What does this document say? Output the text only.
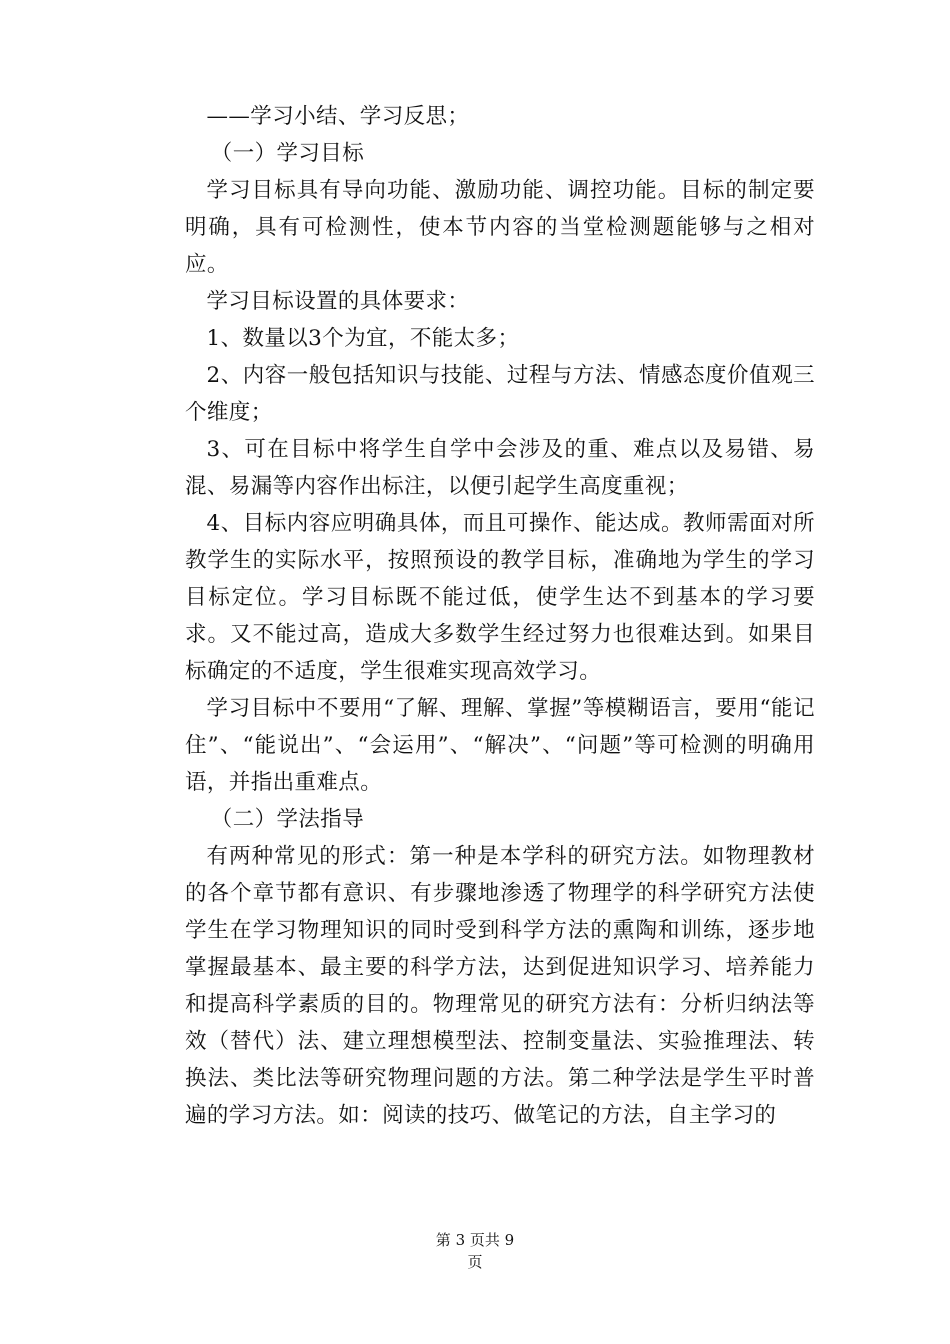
——学习小结、学习反思；

（一）学习目标

学习目标具有导向功能、激励功能、调控功能。目标的制定要明确，具有可检测性，使本节内容的当堂检测题能够与之相对应。

学习目标设置的具体要求：

1、数量以3个为宜，不能太多；

2、内容一般包括知识与技能、过程与方法、情感态度价值观三个维度；

3、可在目标中将学生自学中会涉及的重、难点以及易错、易混、易漏等内容作出标注，以便引起学生高度重视；

4、目标内容应明确具体，而且可操作、能达成。教师需面对所教学生的实际水平，按照预设的教学目标，准确地为学生的学习目标定位。学习目标既不能过低，使学生达不到基本的学习要求。又不能过高，造成大多数学生经过努力也很难达到。如果目标确定的不适度，学生很难实现高效学习。

学习目标中不要用“了解、理解、掌握”等模糊语言，要用“能记住”、“能说出”、“会运用”、“解决”、“问题”等可检测的明确用语，并指出重难点。

（二）学法指导

有两种常见的形式：第一种是本学科的研究方法。如物理教材的各个章节都有意识、有步骤地渗透了物理学的科学研究方法使学生在学习物理知识的同时受到科学方法的熏陶和训练，逐步地掌握最基本、最主要的科学方法，达到促进知识学习、培养能力和提高科学素质的目的。物理常见的研究方法有：分析归纳法等效（替代）法、建立理想模型法、控制变量法、实验推理法、转换法、类比法等研究物理问题的方法。第二种学法是学生平时普遍的学习方法。如：阅读的技巧、做笔记的方法，自主学习的

第 3 页共 9
页
